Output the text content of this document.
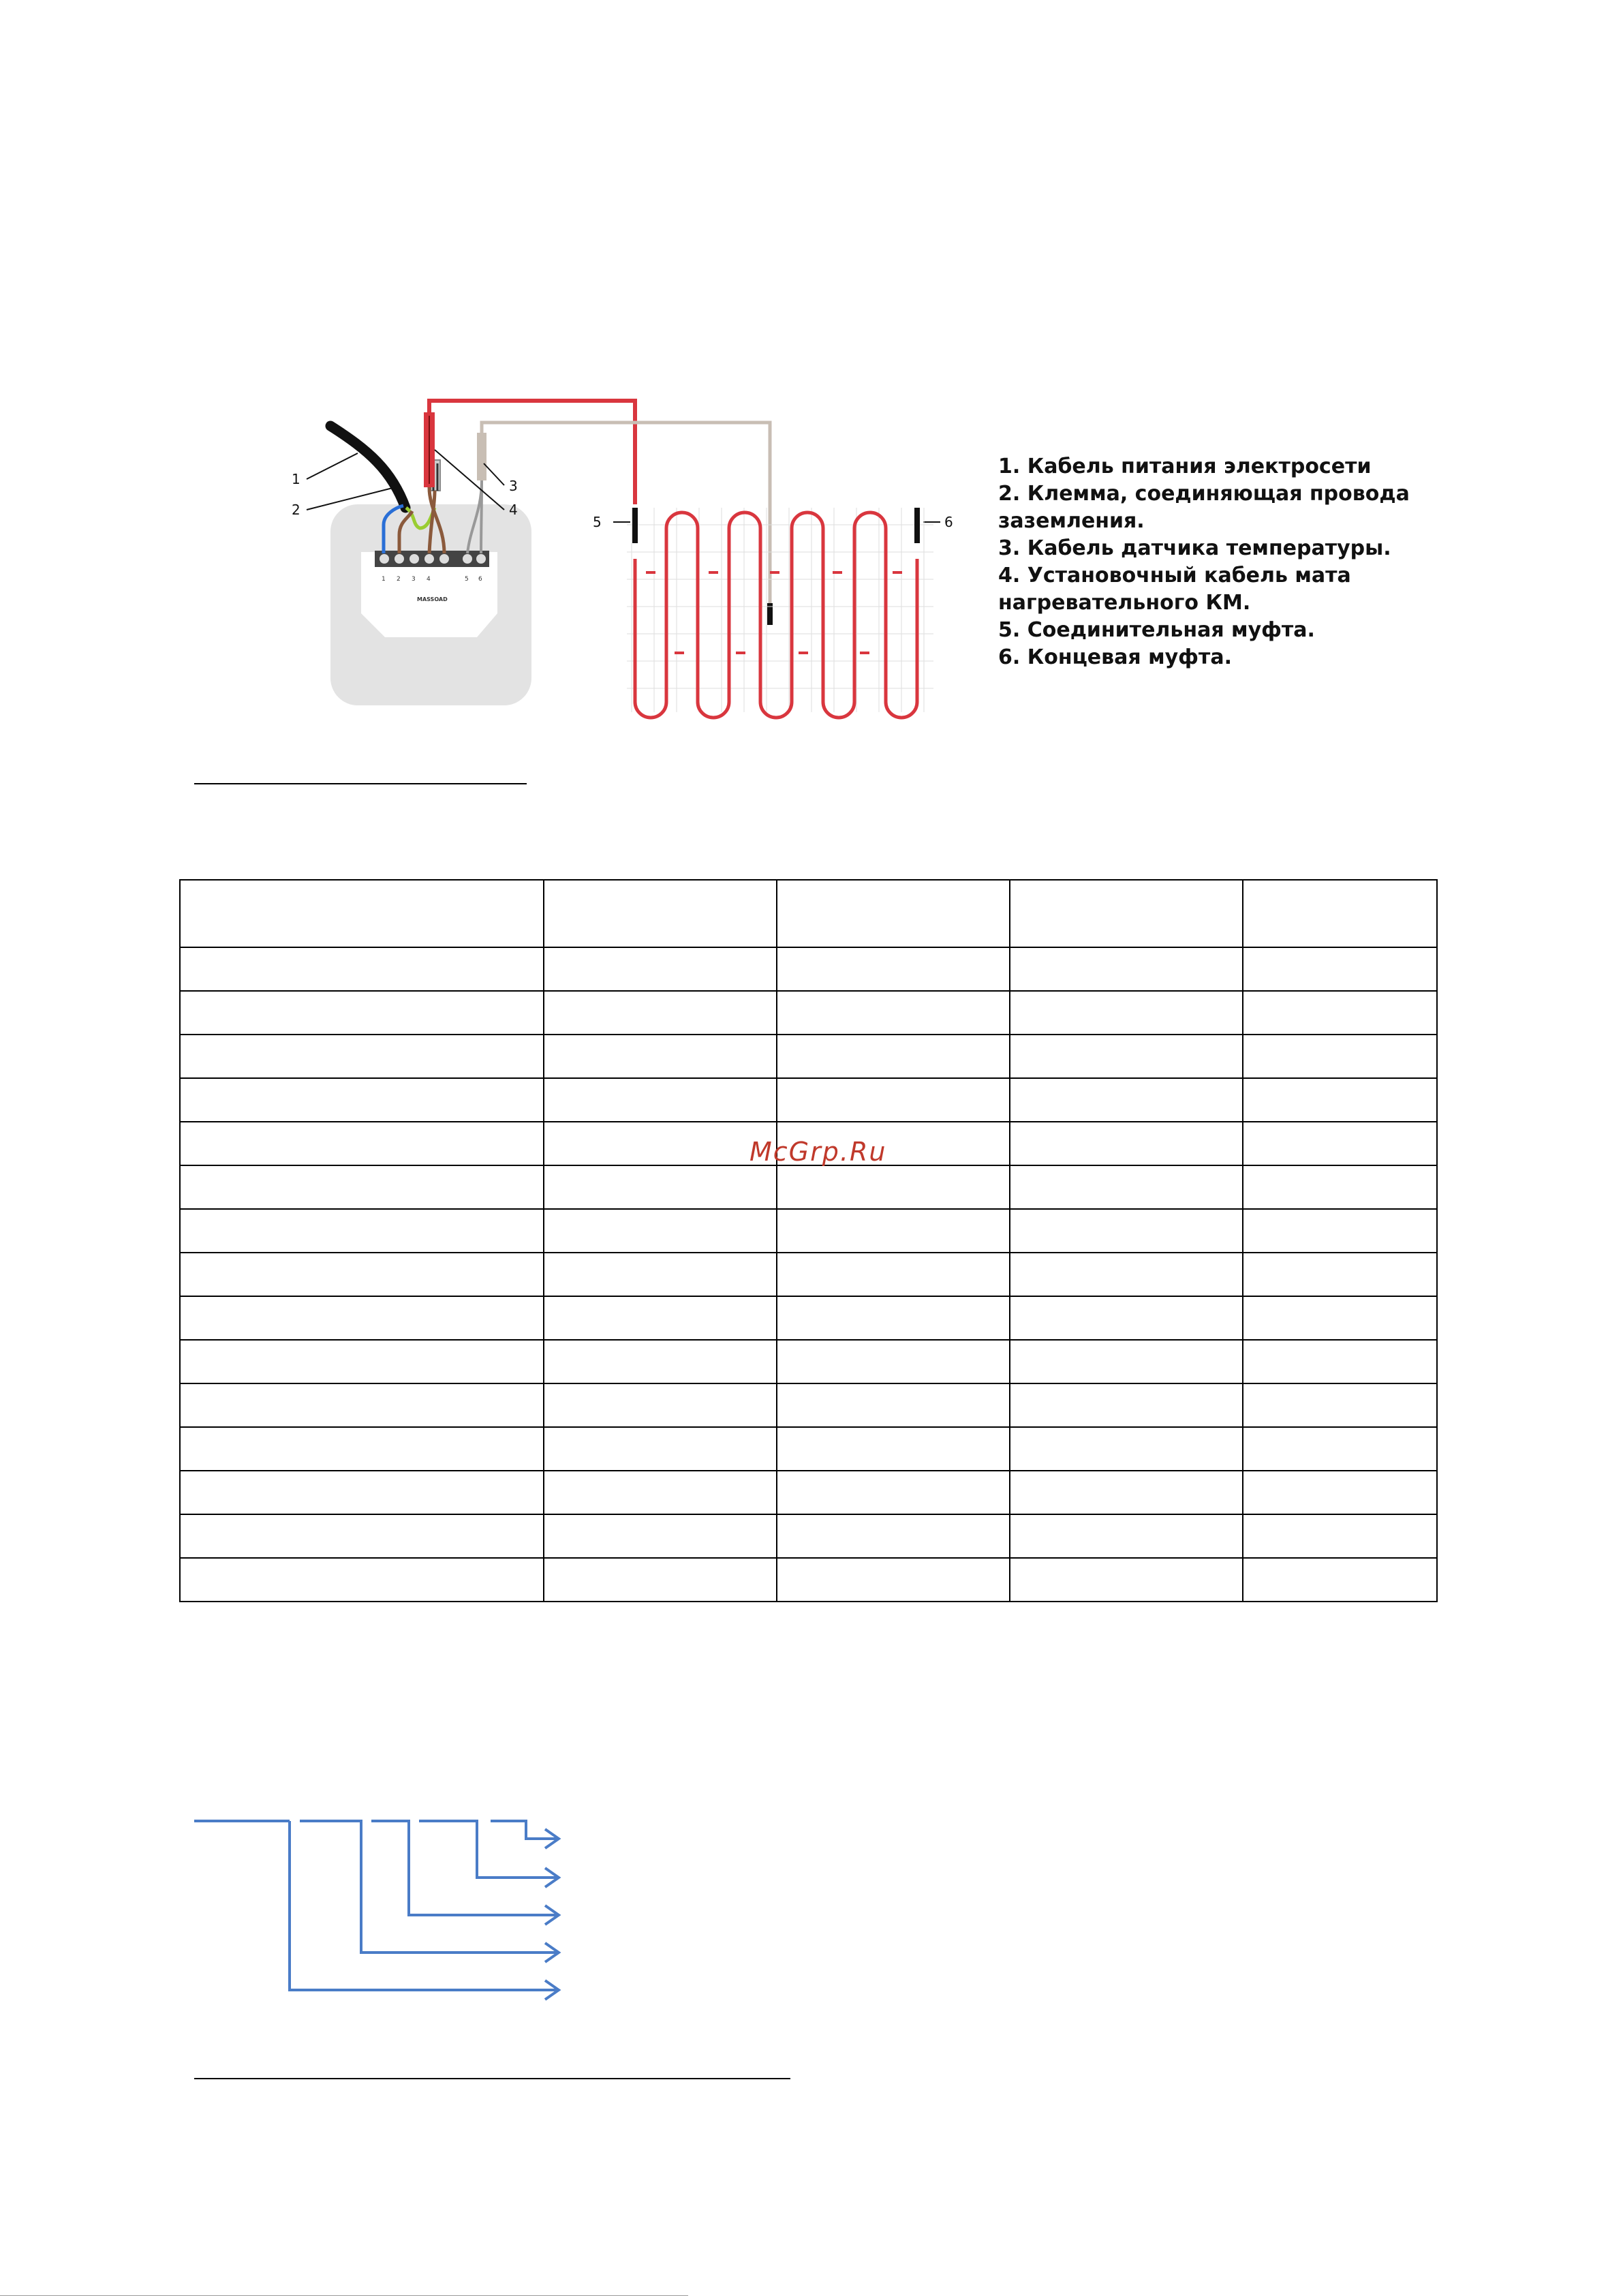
1 2 3 4	5 6
MASSOAD
1
2
3
4
5	6
1. Кабель питания электросети
2. Клемма, соединяющая провода
заземления.
3. Кабель датчика температуры.
4. Установочный кабель мата
нагревательного КМ.
5. Соединительная муфта.
6. Концевая муфта.

McGrp.Ru
